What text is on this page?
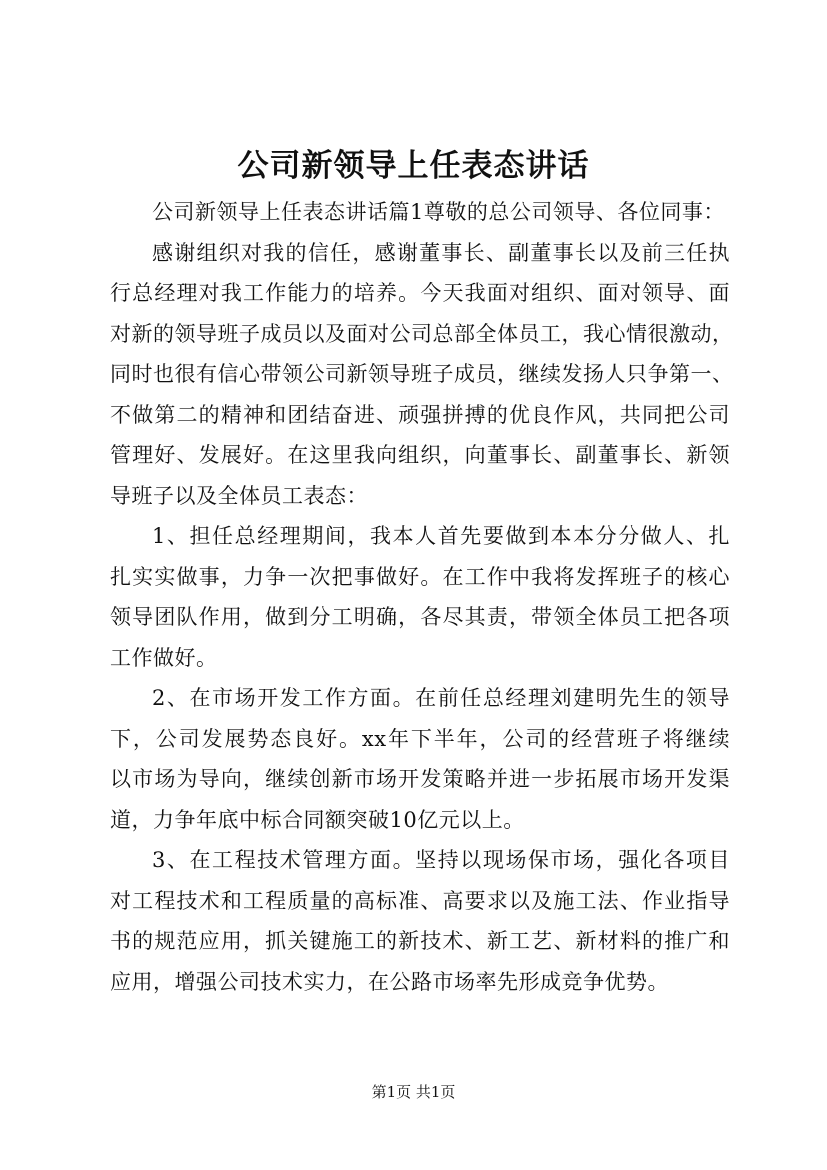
公司新领导上任表态讲话
公司新领导上任表态讲话篇1尊敬的总公司领导、各位同事：
感谢组织对我的信任，感谢董事长、副董事长以及前三任执
行总经理对我工作能力的培养。今天我面对组织、面对领导、面
对新的领导班子成员以及面对公司总部全体员工，我心情很激动，
同时也很有信心带领公司新领导班子成员，继续发扬人只争第一、
不做第二的精神和团结奋进、顽强拼搏的优良作风，共同把公司
管理好、发展好。在这里我向组织，向董事长、副董事长、新领
导班子以及全体员工表态：
1、担任总经理期间，我本人首先要做到本本分分做人、扎
扎实实做事，力争一次把事做好。在工作中我将发挥班子的核心
领导团队作用，做到分工明确，各尽其责，带领全体员工把各项
工作做好。
2、在市场开发工作方面。在前任总经理刘建明先生的领导
下，公司发展势态良好。xx年下半年，公司的经营班子将继续
以市场为导向，继续创新市场开发策略并进一步拓展市场开发渠
道，力争年底中标合同额突破10亿元以上。
3、在工程技术管理方面。坚持以现场保市场，强化各项目
对工程技术和工程质量的高标准、高要求以及施工法、作业指导
书的规范应用，抓关键施工的新技术、新工艺、新材料的推广和
应用，增强公司技术实力，在公路市场率先形成竞争优势。
第1页 共1页
